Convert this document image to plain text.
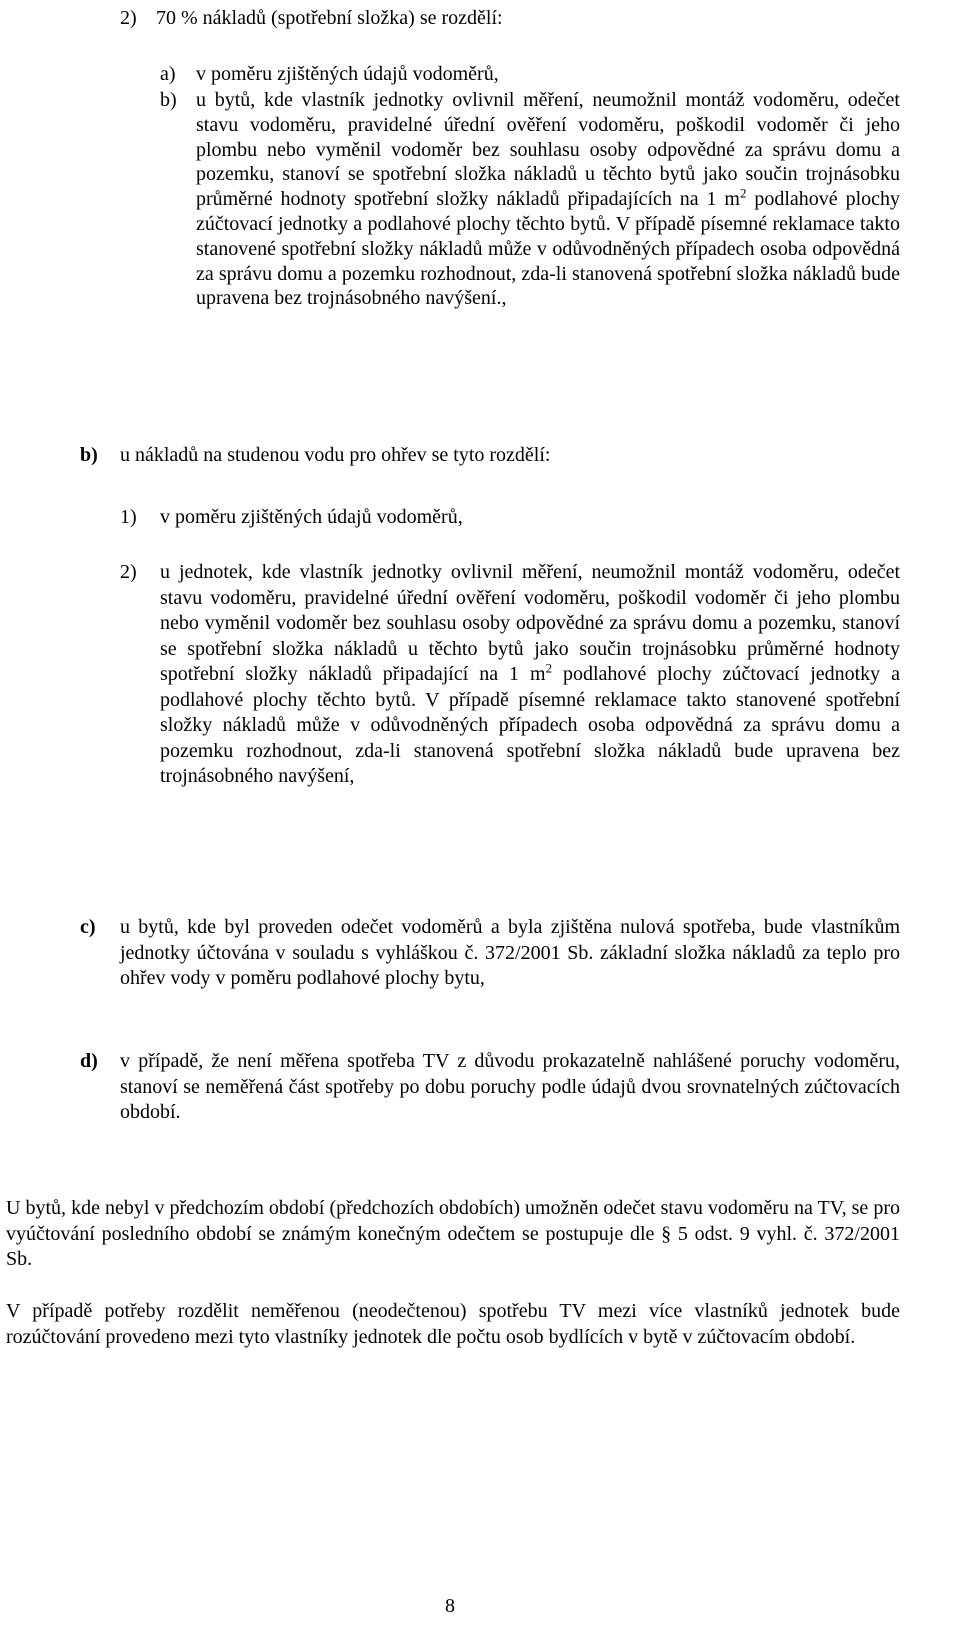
2) 70 % nákladů (spotřební složka) se rozdělí:
a) v poměru zjištěných údajů vodoměrů,
b) u bytů, kde vlastník jednotky ovlivnil měření, neumožnil montáž vodoměru, odečet stavu vodoměru, pravidelné úřední ověření vodoměru, poškodil vodoměr či jeho plombu nebo vyměnil vodoměr bez souhlasu osoby odpovědné za správu domu a pozemku, stanoví se spotřební složka nákladů u těchto bytů jako součin trojnásobku průměrné hodnoty spotřební složky nákladů připadajících na 1 $m^2$ podlahové plochy zúčtovací jednotky a podlahové plochy těchto bytů. V případě písemné reklamace takto stanovené spotřební složky nákladů může v odůvodněných případech osoba odpovědná za správu domu a pozemku rozhodnout, zda-li stanovená spotřební složka nákladů bude upravena bez trojnásobného navýšení.,
b) u nákladů na studenou vodu pro ohřev se tyto rozdělí:
1) v poměru zjištěných údajů vodoměrů,
2) u jednotek, kde vlastník jednotky ovlivnil měření, neumožnil montáž vodoměru, odečet stavu vodoměru, pravidelné úřední ověření vodoměru, poškodil vodoměr či jeho plombu nebo vyměnil vodoměr bez souhlasu osoby odpovědné za správu domu a pozemku, stanoví se spotřební složka nákladů u těchto bytů jako součin trojnásobku průměrné hodnoty spotřební složky nákladů připadající na 1 $m^2$ podlahové plochy zúčtovací jednotky a podlahové plochy těchto bytů. V případě písemné reklamace takto stanovené spotřební složky nákladů může v odůvodněných případech osoba odpovědná za správu domu a pozemku rozhodnout, zda-li stanovená spotřební složka nákladů bude upravena bez trojnásobného navýšení,
c) u bytů, kde byl proveden odečet vodoměrů a byla zjištěna nulová spotřeba, bude vlastníkům jednotky účtována v souladu s vyhláškou č. 372/2001 Sb. základní složka nákladů za teplo pro ohřev vody v poměru podlahové plochy bytu,
d) v případě, že není měřena spotřeba TV z důvodu prokazatelně nahlášené poruchy vodoměru, stanoví se neměřená část spotřeby po dobu poruchy podle údajů dvou srovnatelných zúčtovacích období.
U bytů, kde nebyl v předchozím období (předchozích obdobích) umožněn odečet stavu vodoměru na TV, se pro vyúčtování posledního období se známým konečným odečtem se postupuje dle § 5 odst. 9 vyhl. č. 372/2001 Sb.
V případě potřeby rozdělit neměřenou (neodečtenou) spotřebu TV mezi více vlastníků jednotek bude rozúčtování provedeno mezi tyto vlastníky jednotek dle počtu osob bydlících v bytě v zúčtovacím období.
8
